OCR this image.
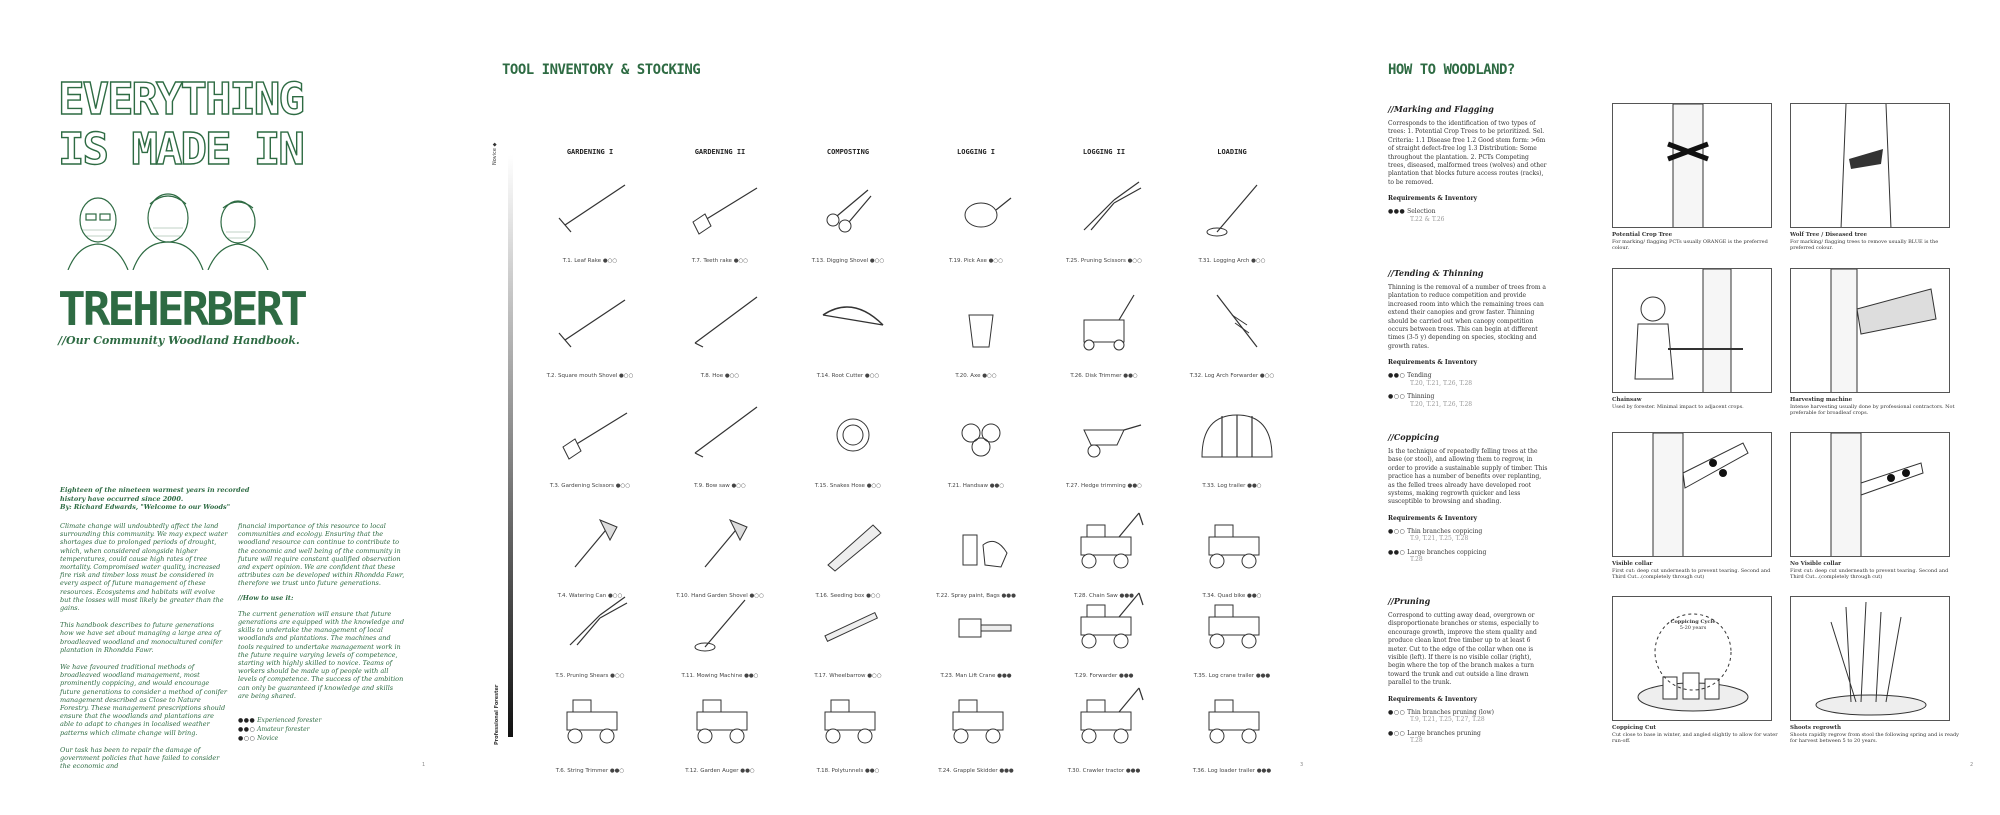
EVERYTHING
IS MADE IN
TREHERBERT
//Our Community Woodland Handbook.
Eighteen of the nineteen warmest years in recorded
history have occurred since 2000.
By: Richard Edwards, "Welcome to our Woods"

Climate change will undoubtedly affect the land surrounding this community. We may expect water shortages due to prolonged periods of drought, which, when considered alongside higher temperatures, could cause high rates of tree mortality. Compromised water quality, increased fire risk and timber loss must be considered in every aspect of future management of these resources. Ecosystems and habitats will evolve but the losses will most likely be greater than the gains.

This handbook describes to future generations how we have set about managing a large area of broadleaved woodland and monocultured conifer plantation in Rhondda Fawr.

We have favoured traditional methods of broadleaved woodland management, most prominently coppicing, and would encourage future generations to consider a method of conifer management described as Close to Nature Forestry. These management prescriptions should ensure that the woodlands and plantations are able to adapt to changes in localised weather patterns which climate change will bring.

Our task has been to repair the damage of government policies that have failed to consider the economic and

financial importance of this resource to local communities and ecology. Ensuring that the woodland resource can continue to contribute to the economic and well being of the community in future will require constant qualified observation and expert opinion. We are confident that these attributes can be developed within Rhondda Fawr, therefore we trust unto future generations.

//How to use it:

The current generation will ensure that future generations are equipped with the knowledge and skills to undertake the management of local woodlands and plantations. The machines and tools required to undertake management work in the future require varying levels of competence, starting with highly skilled to novice. Teams of workers should be made up of people with all levels of competence. The success of the ambition can only be guaranteed if knowledge and skills are being shared.

●●● Experienced forester
●●○ Amateur forester
●○○ Novice
1
TOOL INVENTORY & STOCKING
Novice ◆
Professional Forester
GARDENING I	GARDENING II	COMPOSTING	LOGGING I	LOGGING II	LOADING
T.1. Leaf Rake ●○○	T.7. Teeth rake ●○○	T.13. Digging Shovel ●○○	T.19. Pick Axe ●○○	T.25. Pruning Scissors ●○○	T.31. Logging Arch ●○○
T.2. Square mouth Shovel ●○○	T.8. Hoe ●○○	T.14. Root Cutter ●○○	T.20. Axe ●○○	T.26. Disk Trimmer ●●○	T.32. Log Arch Forwarder ●○○
T.3. Gardening Scissors ●○○	T.9. Bow saw ●○○	T.15. Snakes Hose ●○○	T.21. Handsaw ●●○	T.27. Hedge trimming ●●○	T.33. Log trailer ●●○
T.4. Watering Can ●○○	T.10. Hand Garden Shovel ●○○	T.16. Seeding box ●○○	T.22. Spray paint, Bags ●●●	T.28. Chain Saw ●●●	T.34. Quad bike ●●○
T.5. Pruning Shears ●○○	T.11. Mowing Machine ●●○	T.17. Wheelbarrow ●○○	T.23. Man Lift Crane ●●●	T.29. Forwarder ●●●	T.35. Log crane trailer ●●●
T.6. String Trimmer ●●○	T.12. Garden Auger ●●○	T.18. Polytunnels ●●○	T.24. Grapple Skidder ●●●	T.30. Crawler tractor ●●●	T.36. Log loader trailer ●●●
3
HOW TO WOODLAND?
//Marking and Flagging
Corresponds to the identification of two types of trees: 1. Potential Crop Trees to be prioritized. Sel. Criteria: 1.1 Disease free 1.2 Good stem form: >6m of straight defect-free log 1.3 Distribution: Some throughout the plantation. 2. PCTs Competing trees, diseased, malformed trees (wolves) and other plantation that blocks future access routes (racks), to be removed.
Requirements & Inventory
●●● Selection
T.22 & T.26
//Tending & Thinning
Thinning is the removal of a number of trees from a plantation to reduce competition and provide increased room into which the remaining trees can extend their canopies and grow faster. Thinning should be carried out when canopy competition occurs between trees. This can begin at different times (3-5 y) depending on species, stocking and growth rates.
Requirements & Inventory
●●○ Tending
T.20, T.21, T.26, T.28
●○○ Thinning
T.20, T.21, T.26, T.28
//Coppicing
Is the technique of repeatedly felling trees at the base (or stool), and allowing them to regrow, in order to provide a sustainable supply of timber. This practice has a number of benefits over replanting, as the felled trees already have developed root systems, making regrowth quicker and less susceptible to browsing and shading.
Requirements & Inventory
●○○ Thin branches coppicing
T.9, T.21, T.25, T.28
●●○ Large branches coppicing
T.28
//Pruning
Correspond to cutting away dead, overgrown or disproportionate branches or stems, especially to encourage growth, improve the stem quality and produce clean knot free timber up to at least 6 meter. Cut to the edge of the collar when one is visible (left). If there is no visible collar (right), begin where the top of the branch makes a turn toward the trunk and cut outside a line drawn parallel to the trunk.
Requirements & Inventory
●○○ Thin branches pruning (low)
T.9, T.21, T.25, T.27, T.28
●○○ Large branches pruning
T.28
Potential Crop Tree
For marking/ flagging PCTs usually ORANGE is the preferred colour.
Wolf Tree / Diseased tree
For marking/ flagging trees to remove usually BLUE is the preferred colour.
Chainsaw
Used by forester. Minimal impact to adjacent crops.
Harvesting machine
Intense harvesting usually done by professional contractors. Not preferable for broadleaf crops.
Visible collar
First cut: deep cut underneath to prevent tearing. Second and Third Cut...(completely through cut)
No Visible collar
First cut: deep cut underneath to prevent tearing. Second and Third Cut...(completely through cut)
Coppicing Cycle
5-20 years
Coppicing Cut
Cut close to base in winter, and angled slightly to allow for water run-off.
Shoots regrowth
Shoots rapidly regrow from stool the following spring and is ready for harvest between 5 to 20 years.
2
